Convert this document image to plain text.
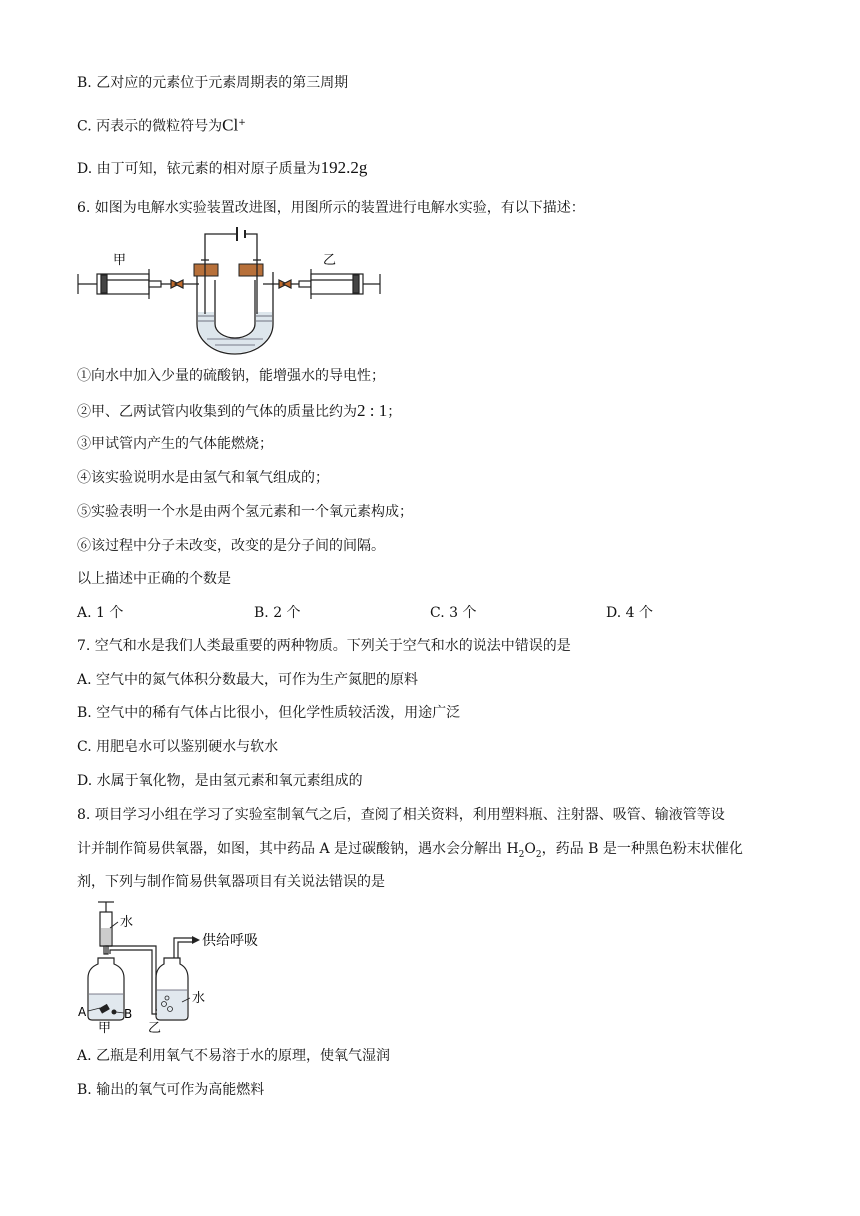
B. 乙对应的元素位于元素周期表的第三周期
C. 丙表示的微粒符号为Cl+
D. 由丁可知，铱元素的相对原子质量为192.2g
6. 如图为电解水实验装置改进图，用图所示的装置进行电解水实验，有以下描述：
甲	乙
①向水中加入少量的硫酸钠，能增强水的导电性；
②甲、乙两试管内收集到的气体的质量比约为2 : 1；
③甲试管内产生的气体能燃烧；
④该实验说明水是由氢气和氧气组成的；
⑤实验表明一个水是由两个氢元素和一个氧元素构成；
⑥该过程中分子未改变，改变的是分子间的间隔。
以上描述中正确的个数是
A. 1 个	B. 2 个	C. 3 个	D. 4 个
7. 空气和水是我们人类最重要的两种物质。下列关于空气和水的说法中错误的是
A. 空气中的氮气体积分数最大，可作为生产氮肥的原料
B. 空气中的稀有气体占比很小，但化学性质较活泼，用途广泛
C. 用肥皂水可以鉴别硬水与软水
D. 水属于氧化物，是由氢元素和氧元素组成的
8. 项目学习小组在学习了实验室制氧气之后，查阅了相关资料，利用塑料瓶、注射器、吸管、输液管等设
计并制作简易供氧器，如图，其中药品 A 是过碳酸钠，遇水会分解出 $H_2O_2$，药品 B 是一种黑色粉末状催化
剂，下列与制作简易供氧器项目有关说法错误的是
水
A	B
甲
水
乙
供给呼吸
A. 乙瓶是利用氧气不易溶于水的原理，使氧气湿润
B. 输出的氧气可作为高能燃料
